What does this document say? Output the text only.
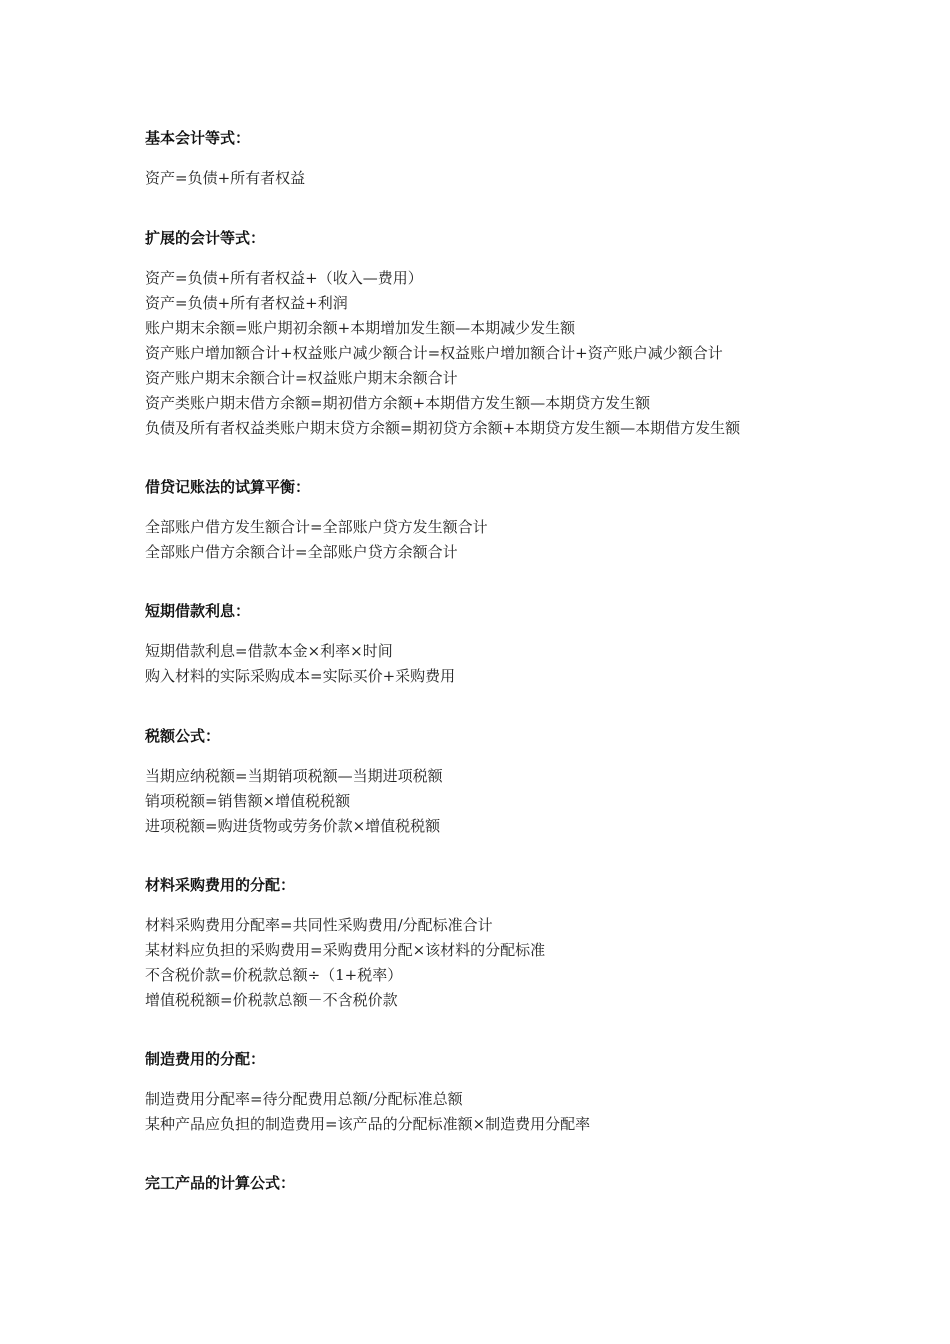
基本会计等式：
资产=负债+所有者权益
扩展的会计等式：
资产=负债+所有者权益+（收入—费用）
资产=负债+所有者权益+利润
账户期末余额=账户期初余额+本期增加发生额—本期减少发生额
资产账户增加额合计+权益账户减少额合计=权益账户增加额合计+资产账户减少额合计
资产账户期末余额合计=权益账户期末余额合计
资产类账户期末借方余额=期初借方余额+本期借方发生额—本期贷方发生额
负债及所有者权益类账户期末贷方余额=期初贷方余额+本期贷方发生额—本期借方发生额
借贷记账法的试算平衡：
全部账户借方发生额合计=全部账户贷方发生额合计
全部账户借方余额合计=全部账户贷方余额合计
短期借款利息：
短期借款利息=借款本金×利率×时间
购入材料的实际采购成本=实际买价+采购费用
税额公式：
当期应纳税额=当期销项税额—当期进项税额
销项税额=销售额×增值税税额
进项税额=购进货物或劳务价款×增值税税额
材料采购费用的分配：
材料采购费用分配率=共同性采购费用/分配标准合计
某材料应负担的采购费用=采购费用分配×该材料的分配标准
不含税价款=价税款总额÷（1+税率）
增值税税额=价税款总额－不含税价款
制造费用的分配：
制造费用分配率=待分配费用总额/分配标准总额
某种产品应负担的制造费用=该产品的分配标准额×制造费用分配率
完工产品的计算公式：
